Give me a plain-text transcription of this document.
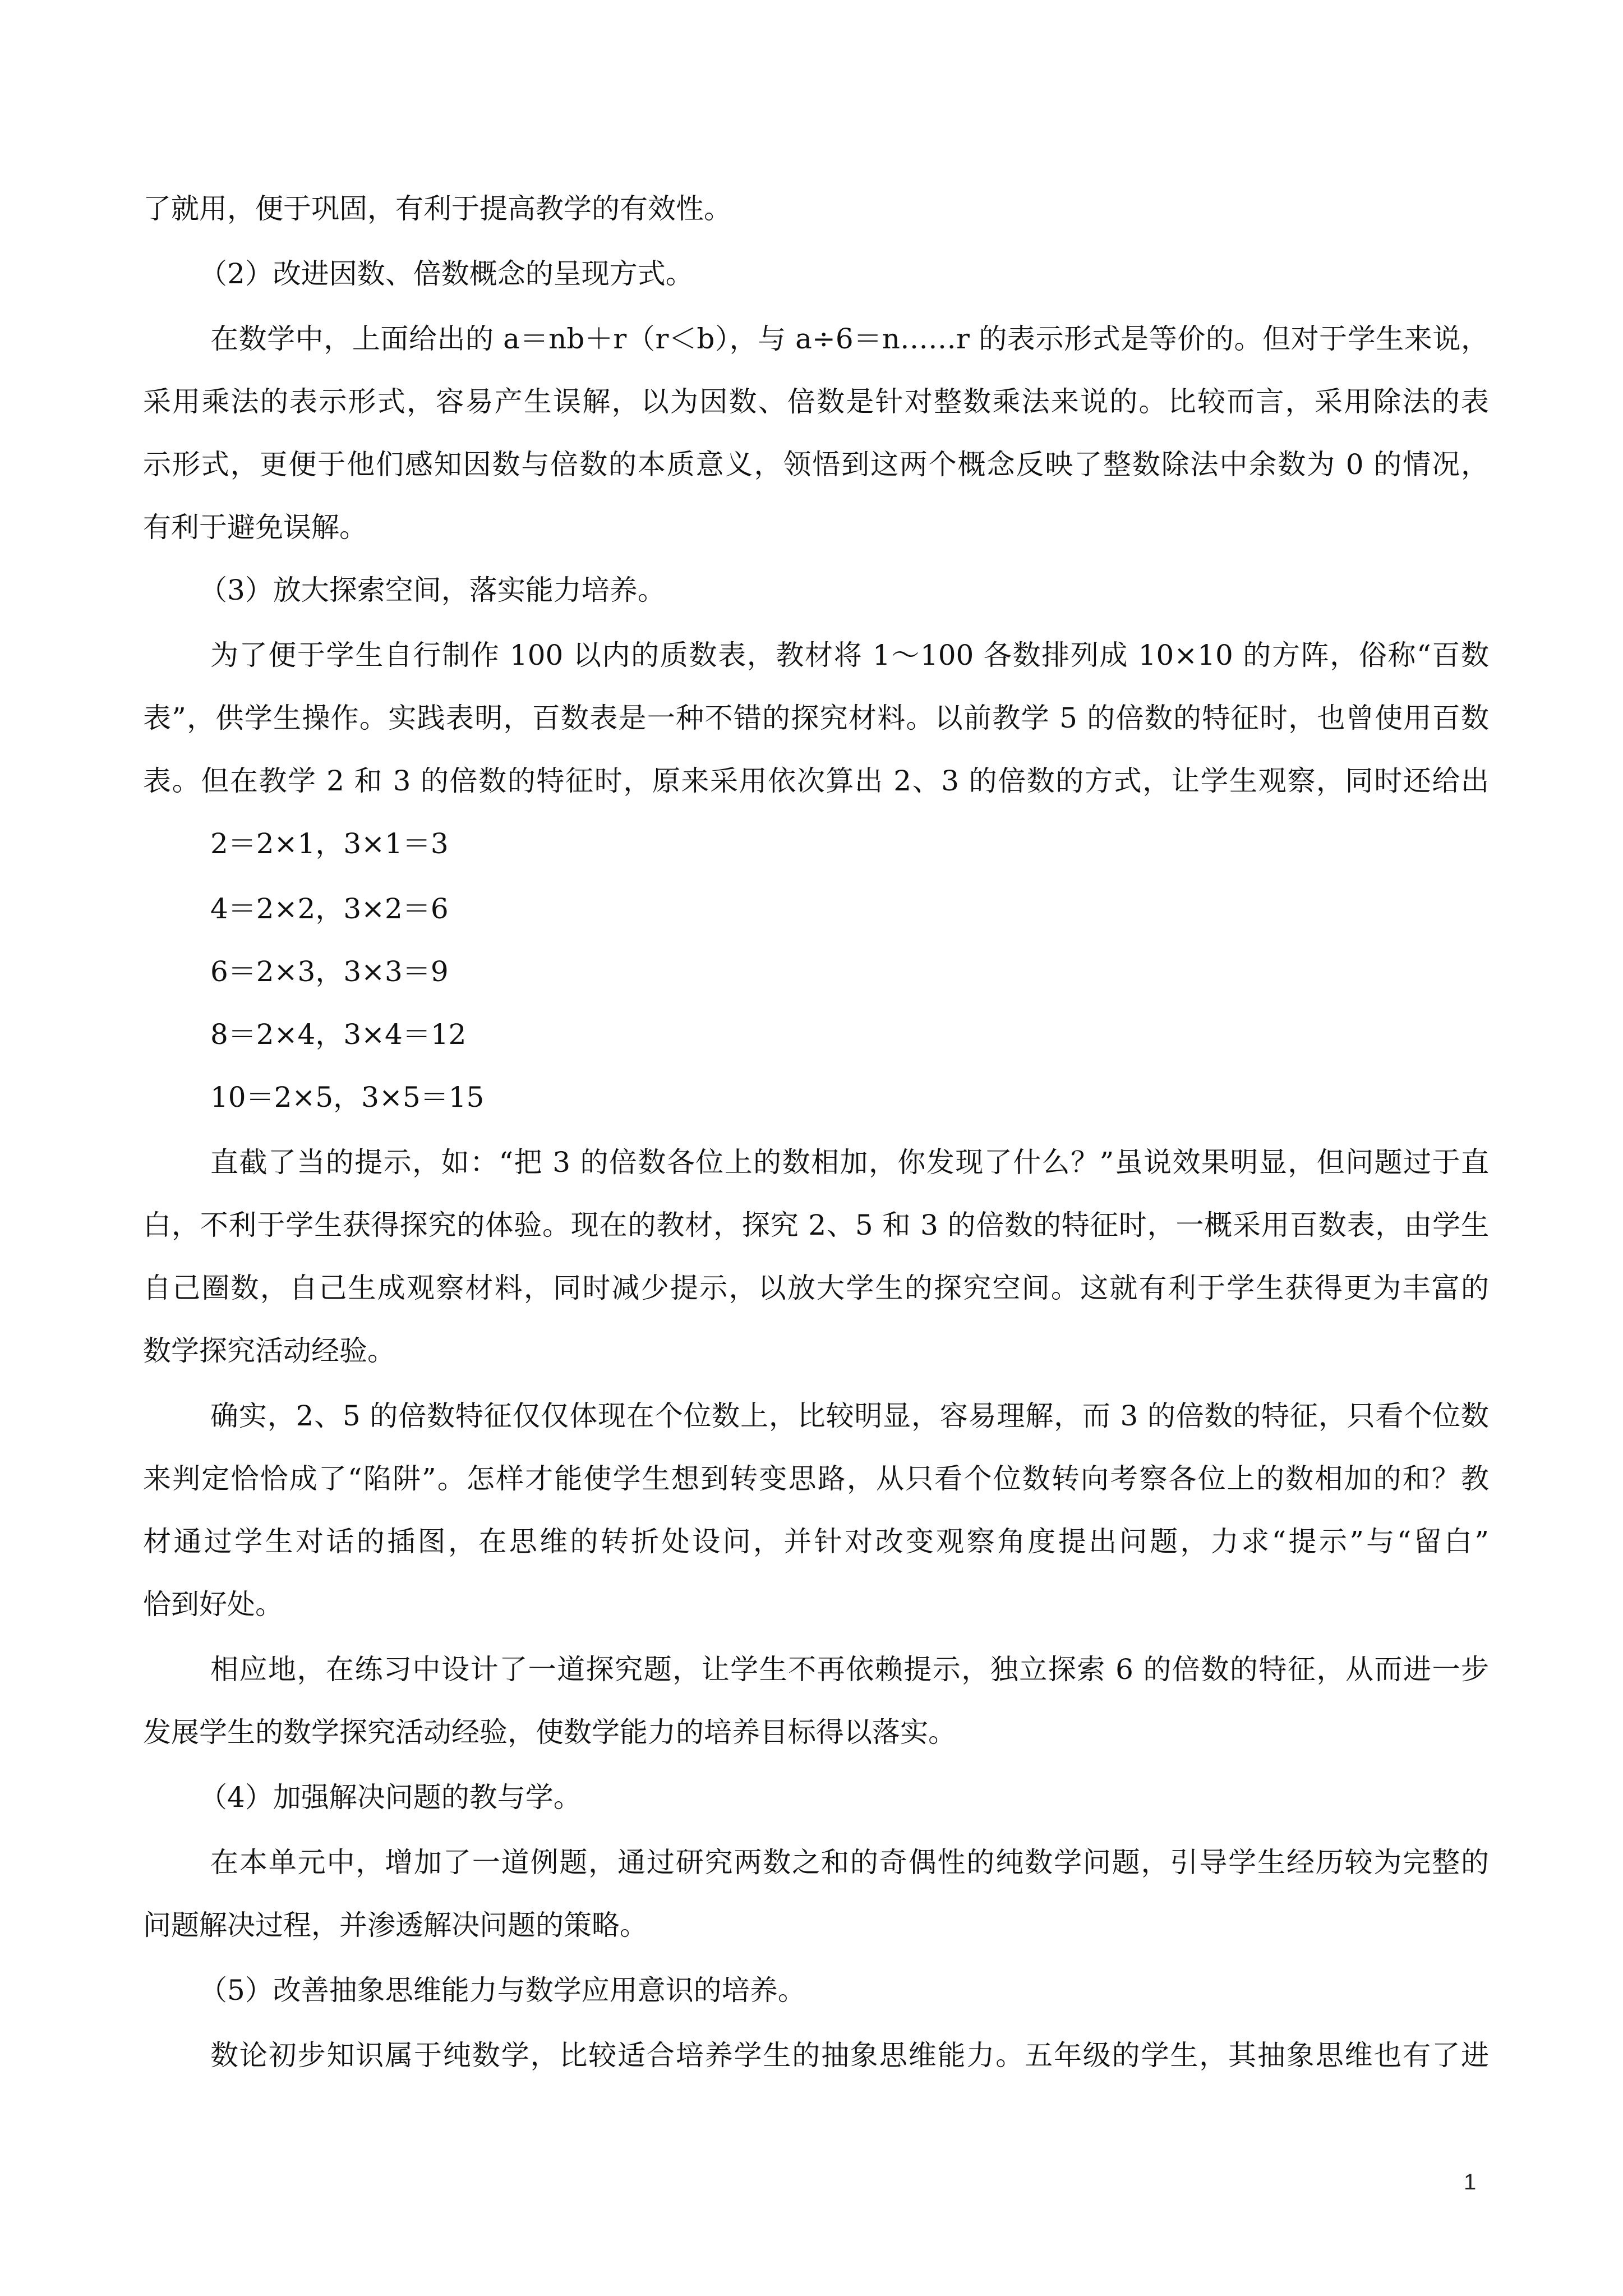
了就用，便于巩固，有利于提高教学的有效性。
（2）改进因数、倍数概念的呈现方式。
在数学中，上面给出的 a＝nb＋r（r＜b），与 a÷6＝n……r 的表示形式是等价的。但对于学生来说，
采用乘法的表示形式，容易产生误解，以为因数、倍数是针对整数乘法来说的。比较而言，采用除法的表
示形式，更便于他们感知因数与倍数的本质意义，领悟到这两个概念反映了整数除法中余数为 0 的情况，
有利于避免误解。
（3）放大探索空间，落实能力培养。
为了便于学生自行制作 100 以内的质数表，教材将 1～100 各数排列成 10×10 的方阵，俗称“百数
表”，供学生操作。实践表明，百数表是一种不错的探究材料。以前教学 5 的倍数的特征时，也曾使用百数
表。但在教学 2 和 3 的倍数的特征时，原来采用依次算出 2、3 的倍数的方式，让学生观察，同时还给出
2＝2×1，3×1＝3
4＝2×2，3×2＝6
6＝2×3，3×3＝9
8＝2×4，3×4＝12
10＝2×5，3×5＝15
直截了当的提示，如：“把 3 的倍数各位上的数相加，你发现了什么？”虽说效果明显，但问题过于直
白，不利于学生获得探究的体验。现在的教材，探究 2、5 和 3 的倍数的特征时，一概采用百数表，由学生
自己圈数，自己生成观察材料，同时减少提示，以放大学生的探究空间。这就有利于学生获得更为丰富的
数学探究活动经验。
确实，2、5 的倍数特征仅仅体现在个位数上，比较明显，容易理解，而 3 的倍数的特征，只看个位数
来判定恰恰成了“陷阱”。怎样才能使学生想到转变思路，从只看个位数转向考察各位上的数相加的和？教
材通过学生对话的插图，在思维的转折处设问，并针对改变观察角度提出问题，力求“提示”与“留白”
恰到好处。
相应地，在练习中设计了一道探究题，让学生不再依赖提示，独立探索 6 的倍数的特征，从而进一步
发展学生的数学探究活动经验，使数学能力的培养目标得以落实。
（4）加强解决问题的教与学。
在本单元中，增加了一道例题，通过研究两数之和的奇偶性的纯数学问题，引导学生经历较为完整的
问题解决过程，并渗透解决问题的策略。
（5）改善抽象思维能力与数学应用意识的培养。
数论初步知识属于纯数学，比较适合培养学生的抽象思维能力。五年级的学生，其抽象思维也有了进
1
